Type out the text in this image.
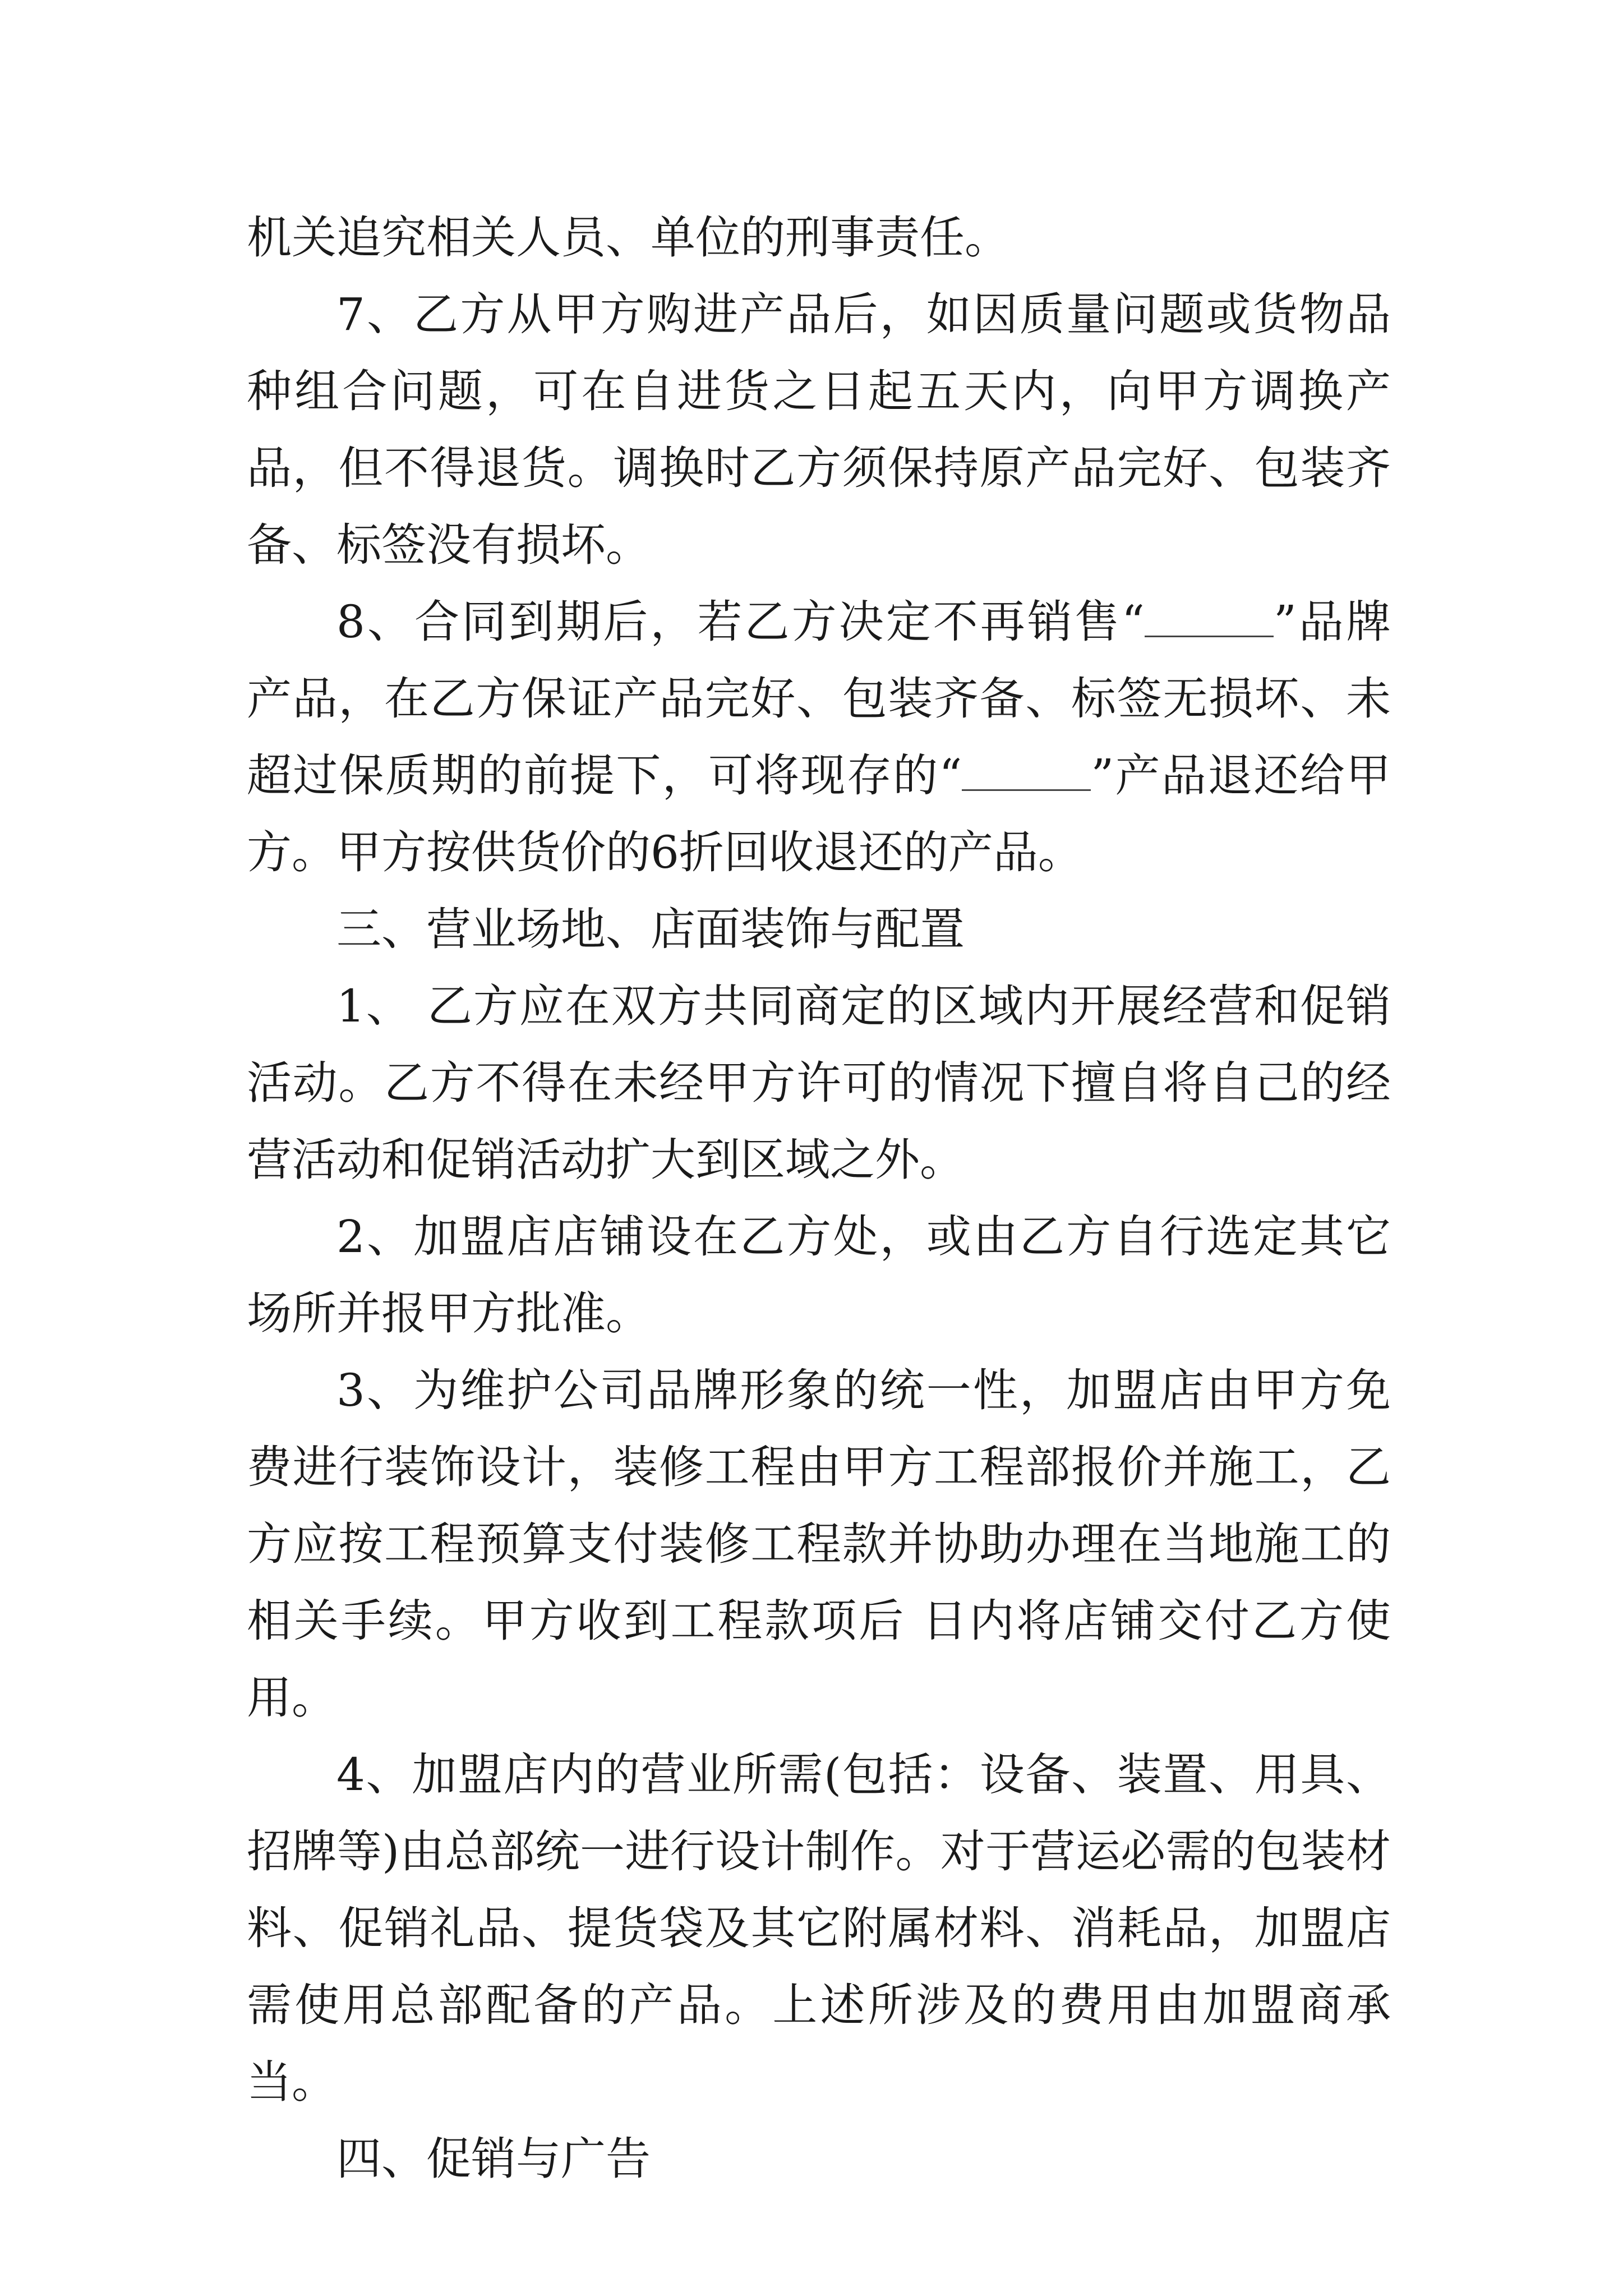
机关追究相关人员、单位的刑事责任。

7、乙方从甲方购进产品后，如因质量问题或货物品种组合问题，可在自进货之日起五天内，向甲方调换产品，但不得退货。调换时乙方须保持原产品完好、包装齐备、标签没有损坏。

8、合同到期后，若乙方决定不再销售“	”品牌产品，在乙方保证产品完好、包装齐备、标签无损坏、未超过保质期的前提下，可将现存的“	”产品退还给甲方。甲方按供货价的6折回收退还的产品。

三、营业场地、店面装饰与配置

1、 乙方应在双方共同商定的区域内开展经营和促销活动。乙方不得在未经甲方许可的情况下擅自将自己的经营活动和促销活动扩大到区域之外。

2、加盟店店铺设在乙方处，或由乙方自行选定其它场所并报甲方批准。

3、为维护公司品牌形象的统一性，加盟店由甲方免费进行装饰设计，装修工程由甲方工程部报价并施工，乙方应按工程预算支付装修工程款并协助办理在当地施工的相关手续。甲方收到工程款项后 日内将店铺交付乙方使用。

4、加盟店内的营业所需(包括：设备、装置、用具、招牌等)由总部统一进行设计制作。对于营运必需的包装材料、促销礼品、提货袋及其它附属材料、消耗品，加盟店需使用总部配备的产品。上述所涉及的费用由加盟商承当。

四、促销与广告
